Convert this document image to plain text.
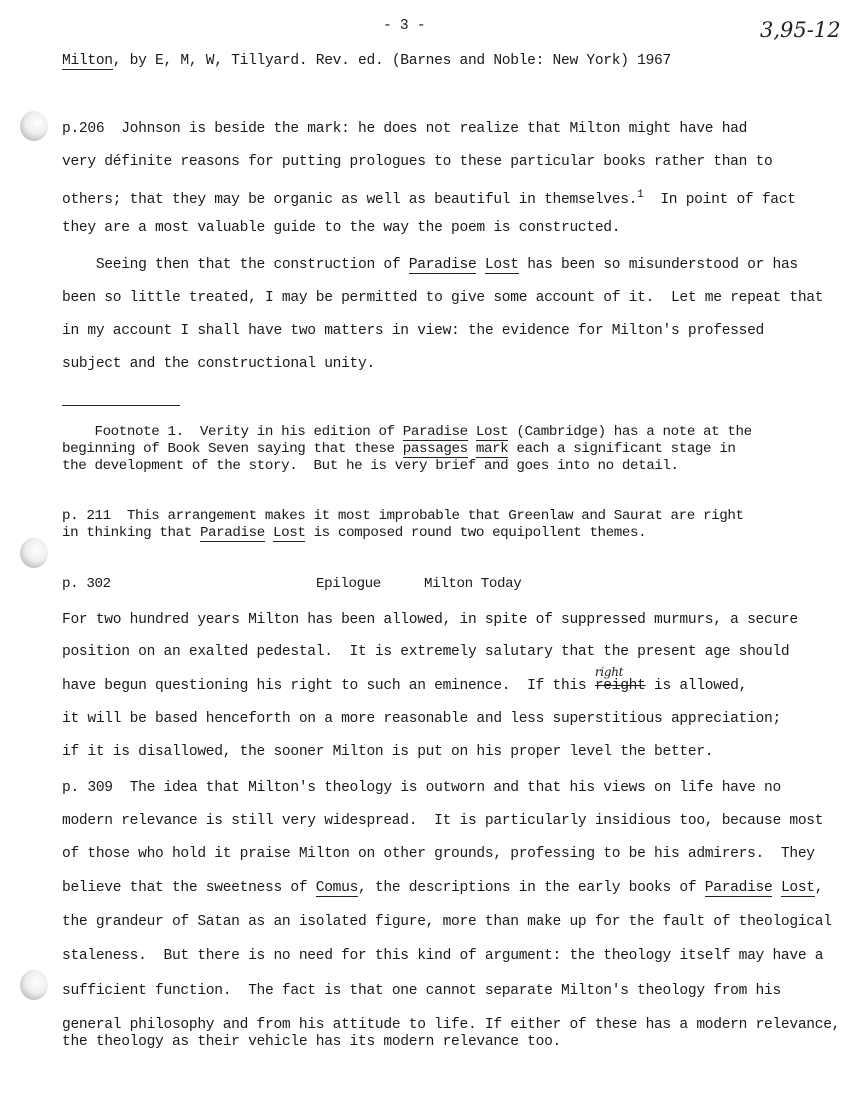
- 3 -	3,95-12
Milton, by E, M, W, Tillyard. Rev. ed. (Barnes and Noble: New York) 1967
p.206  Johnson is beside the mark: he does not realize that Milton might have had
very définite reasons for putting prologues to these particular books rather than to
others; that they may be organic as well as beautiful in themselves.$^1$  In point of fact
they are a most valuable guide to the way the poem is constructed.
Seeing then that the construction of Paradise Lost has been so misunderstood or has
been so little treated, I may be permitted to give some account of it.  Let me repeat that
in my account I shall have two matters in view: the evidence for Milton's professed
subject and the constructional unity.
Footnote 1.  Verity in his edition of Paradise Lost (Cambridge) has a note at the
beginning of Book Seven saying that these passages mark each a significant stage in
the development of the story.  But he is very brief and goes into no detail.
p. 211  This arrangement makes it most improbable that Greenlaw and Saurat are right
in thinking that Paradise Lost is composed round two equipollent themes.
p. 302	Epilogue	Milton Today
For two hundred years Milton has been allowed, in spite of suppressed murmurs, a secure
position on an exalted pedestal.  It is extremely salutary that the present age should
have begun questioning his right to such an eminence.  If this reight
right
is allowed,
it will be based henceforth on a more reasonable and less superstitious appreciation;
if it is disallowed, the sooner Milton is put on his proper level the better.
p. 309  The idea that Milton's theology is outworn and that his views on life have no
modern relevance is still very widespread.  It is particularly insidious too, because most
of those who hold it praise Milton on other grounds, professing to be his admirers.  They
believe that the sweetness of Comus, the descriptions in the early books of Paradise Lost,
the grandeur of Satan as an isolated figure, more than make up for the fault of theological
staleness.  But there is no need for this kind of argument: the theology itself may have a
sufficient function.  The fact is that one cannot separate Milton's theology from his
general philosophy and from his attitude to life. If either of these has a modern relevance,
the theology as their vehicle has its modern relevance too.
